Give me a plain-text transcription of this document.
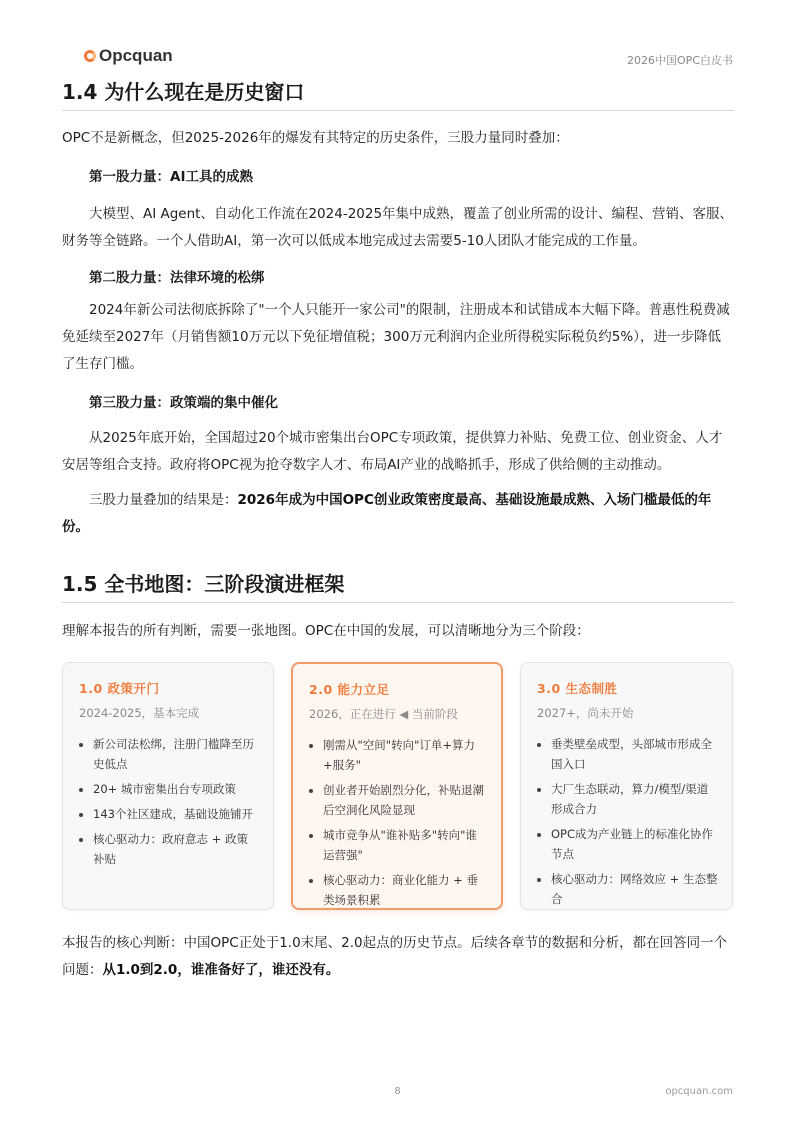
Opcquan	2026中国OPC白皮书
1.4 为什么现在是历史窗口
OPC不是新概念，但2025-2026年的爆发有其特定的历史条件，三股力量同时叠加：
第一股力量：AI工具的成熟
大模型、AI Agent、自动化工作流在2024-2025年集中成熟，覆盖了创业所需的设计、编程、营销、客服、财务等全链路。一个人借助AI，第一次可以低成本地完成过去需要5-10人团队才能完成的工作量。
第二股力量：法律环境的松绑
2024年新公司法彻底拆除了"一个人只能开一家公司"的限制，注册成本和试错成本大幅下降。普惠性税费减免延续至2027年（月销售额10万元以下免征增值税；300万元利润内企业所得税实际税负约5%），进一步降低了生存门槛。
第三股力量：政策端的集中催化
从2025年底开始，全国超过20个城市密集出台OPC专项政策，提供算力补贴、免费工位、创业资金、人才安居等组合支持。政府将OPC视为抢夺数字人才、布局AI产业的战略抓手，形成了供给侧的主动推动。
三股力量叠加的结果是：2026年成为中国OPC创业政策密度最高、基础设施最成熟、入场门槛最低的年份。
1.5 全书地图：三阶段演进框架
理解本报告的所有判断，需要一张地图。OPC在中国的发展，可以清晰地分为三个阶段：
1.0 政策开门
2024-2025，基本完成
• 新公司法松绑，注册门槛降至历史低点
• 20+ 城市密集出台专项政策
• 143个社区建成，基础设施铺开
• 核心驱动力：政府意志 + 政策补贴
2.0 能力立足
2026，正在进行 ◀ 当前阶段
• 刚需从"空间"转向"订单+算力+服务"
• 创业者开始剧烈分化，补贴退潮后空洞化风险显现
• 城市竞争从"谁补贴多"转向"谁运营强"
• 核心驱动力：商业化能力 + 垂类场景积累
3.0 生态制胜
2027+，尚未开始
• 垂类壁垒成型，头部城市形成全国入口
• 大厂生态联动，算力/模型/渠道形成合力
• OPC成为产业链上的标准化协作节点
• 核心驱动力：网络效应 + 生态整合
本报告的核心判断：中国OPC正处于1.0末尾、2.0起点的历史节点。后续各章节的数据和分析，都在回答同一个问题：从1.0到2.0，谁准备好了，谁还没有。
8	opcquan.com
